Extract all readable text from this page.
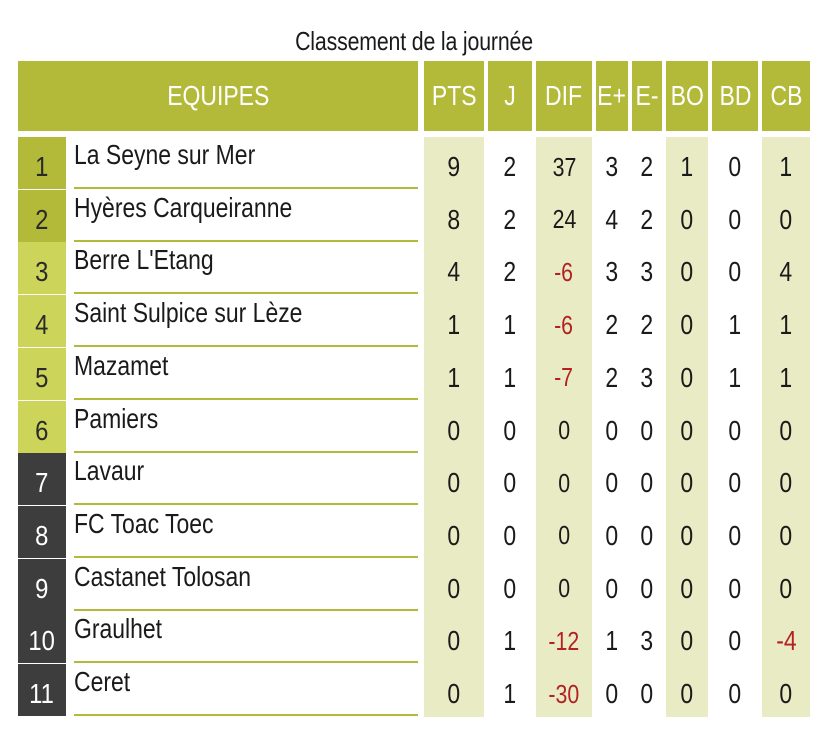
Classement de la journée
EQUIPES	PTS J DIF E+ E- BO BD CB
1 La Seyne sur Mer	9 2 37 3 2 1 0 1
2 Hyères Carqueiranne	8 2 24 4 2 0 0 0
3 Berre L'Etang	4 2 -6 3 3 0 0 4
4 Saint Sulpice sur Lèze	1 1 -6 2 2 0 1 1
5 Mazamet	1 1 -7 2 3 0 1 1
6 Pamiers	0 0 0 0 0 0 0 0
7 Lavaur	0 0 0 0 0 0 0 0
8 FC Toac Toec	0 0 0 0 0 0 0 0
9 Castanet Tolosan	0 0 0 0 0 0 0 0
10 Graulhet	0 1 -12 1 3 0 0 -4
11 Ceret	0 1 -30 0 0 0 0 0
